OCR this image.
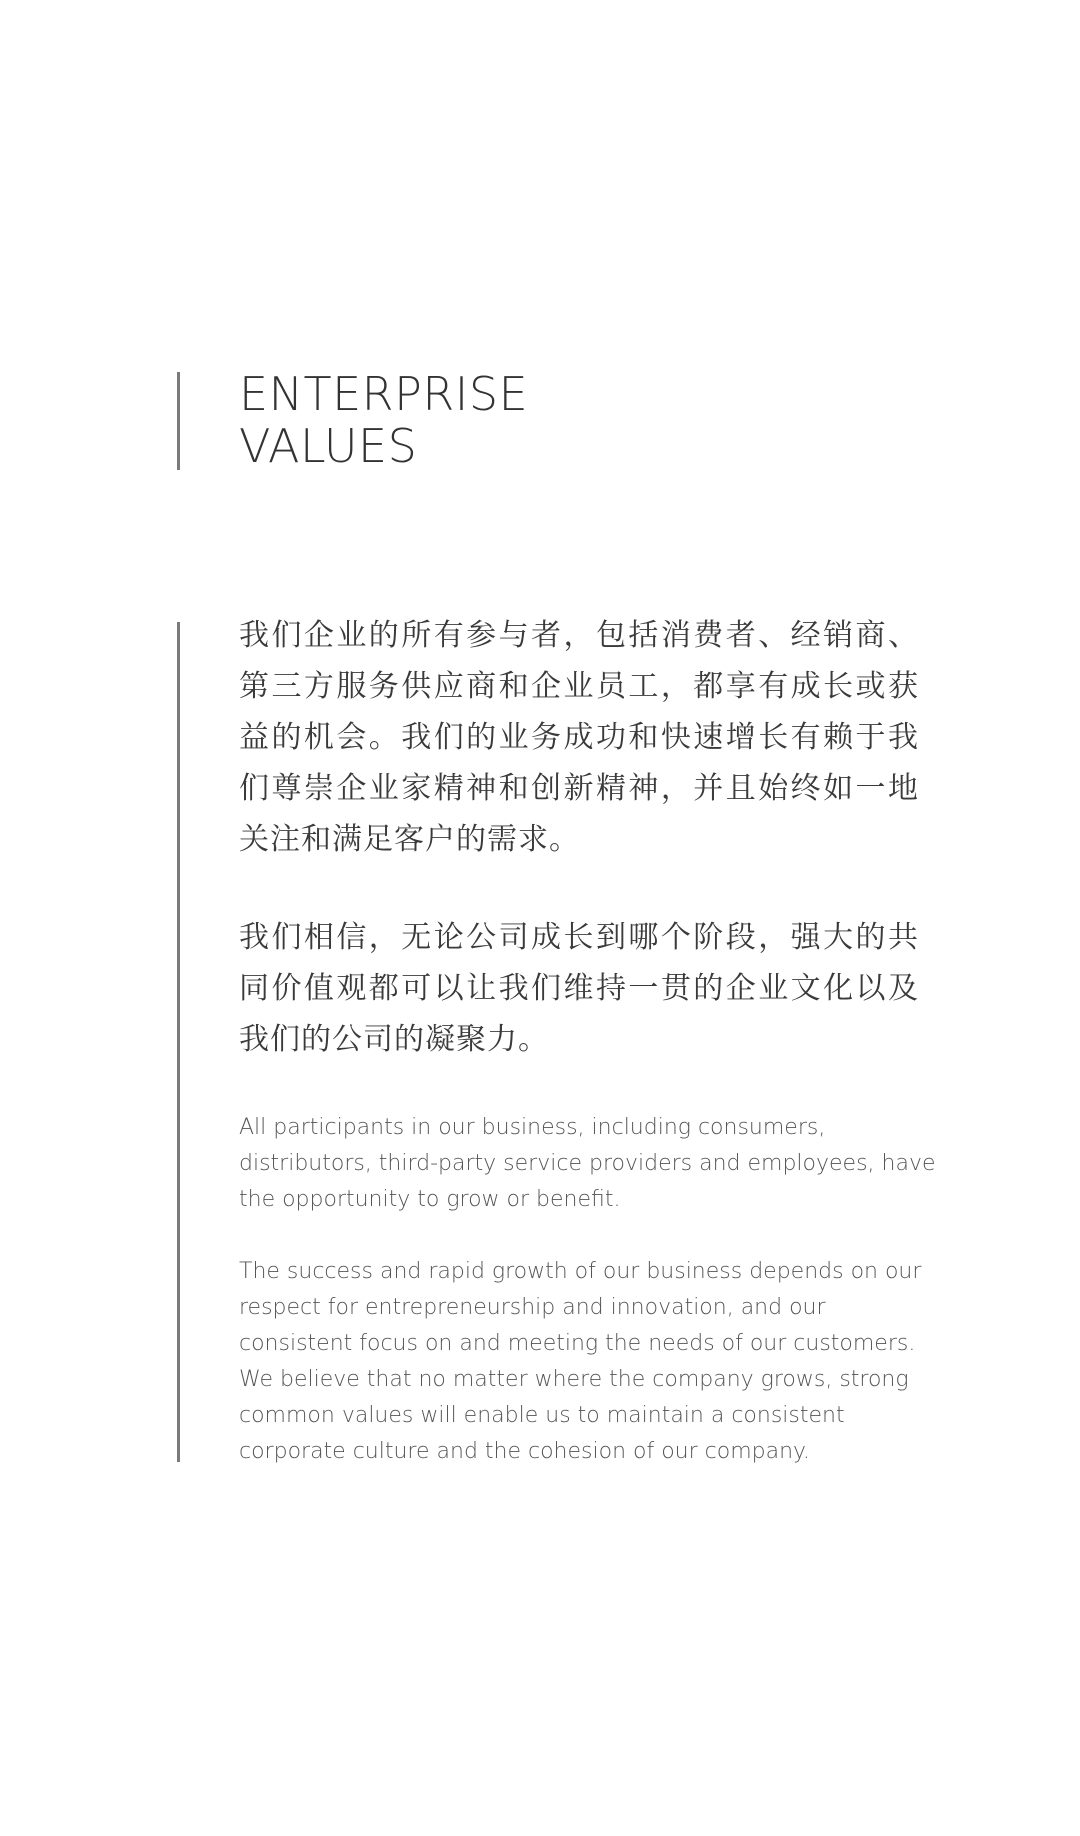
ENTERPRISE
VALUES

我们企业的所有参与者，包括消费者、经销商、第三方服务供应商和企业员工，都享有成长或获益的机会。我们的业务成功和快速增长有赖于我们尊崇企业家精神和创新精神，并且始终如一地关注和满足客户的需求。

我们相信，无论公司成长到哪个阶段，强大的共同价值观都可以让我们维持一贯的企业文化以及我们的公司的凝聚力。

All participants in our business, including consumers, distributors, third-party service providers and employees, have the opportunity to grow or benefit.

The success and rapid growth of our business depends on our respect for entrepreneurship and innovation, and our consistent focus on and meeting the needs of our customers. We believe that no matter where the company grows, strong common values will enable us to maintain a consistent corporate culture and the cohesion of our company.
